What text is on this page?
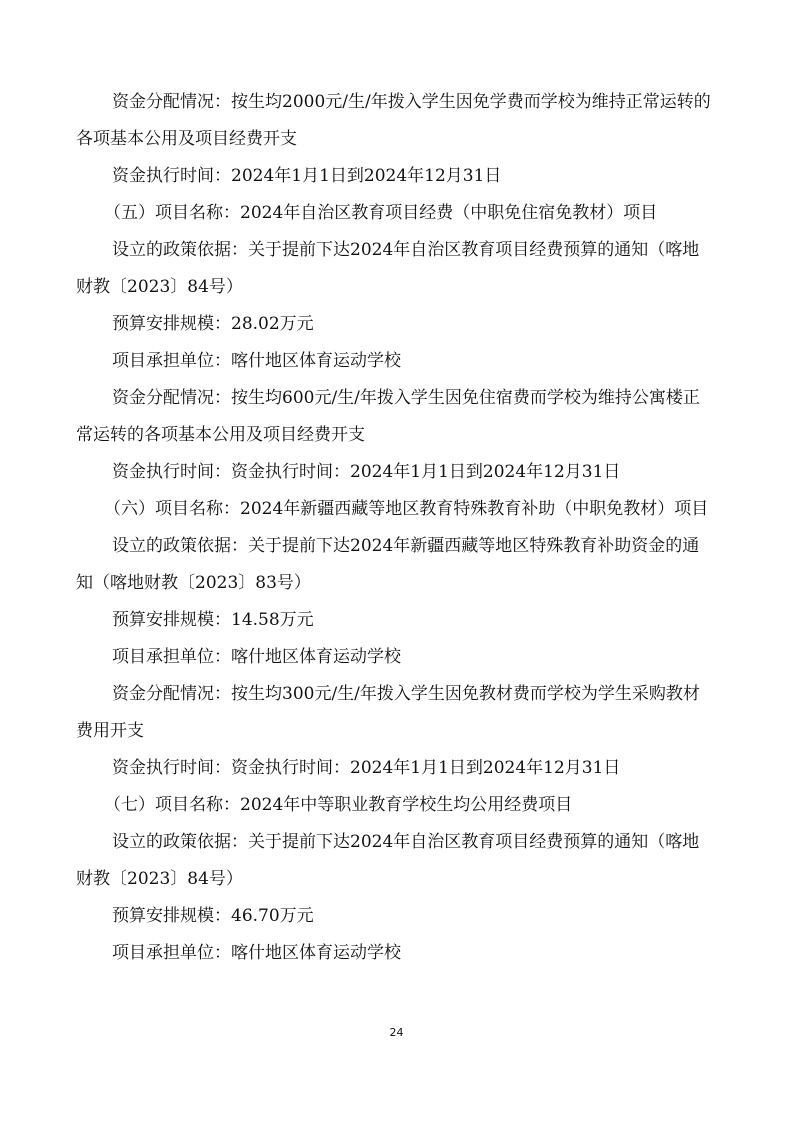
资金分配情况：按生均2000元/生/年拨入学生因免学费而学校为维持正常运转的各项基本公用及项目经费开支

资金执行时间：2024年1月1日到2024年12月31日

（五）项目名称：2024年自治区教育项目经费（中职免住宿免教材）项目

设立的政策依据：关于提前下达2024年自治区教育项目经费预算的通知（喀地财教〔2023〕84号）

预算安排规模：28.02万元

项目承担单位：喀什地区体育运动学校

资金分配情况：按生均600元/生/年拨入学生因免住宿费而学校为维持公寓楼正常运转的各项基本公用及项目经费开支

资金执行时间：资金执行时间：2024年1月1日到2024年12月31日

（六）项目名称：2024年新疆西藏等地区教育特殊教育补助（中职免教材）项目

设立的政策依据：关于提前下达2024年新疆西藏等地区特殊教育补助资金的通知（喀地财教〔2023〕83号）

预算安排规模：14.58万元

项目承担单位：喀什地区体育运动学校

资金分配情况：按生均300元/生/年拨入学生因免教材费而学校为学生采购教材费用开支

资金执行时间：资金执行时间：2024年1月1日到2024年12月31日

（七）项目名称：2024年中等职业教育学校生均公用经费项目

设立的政策依据：关于提前下达2024年自治区教育项目经费预算的通知（喀地财教〔2023〕84号）

预算安排规模：46.70万元

项目承担单位：喀什地区体育运动学校

24
